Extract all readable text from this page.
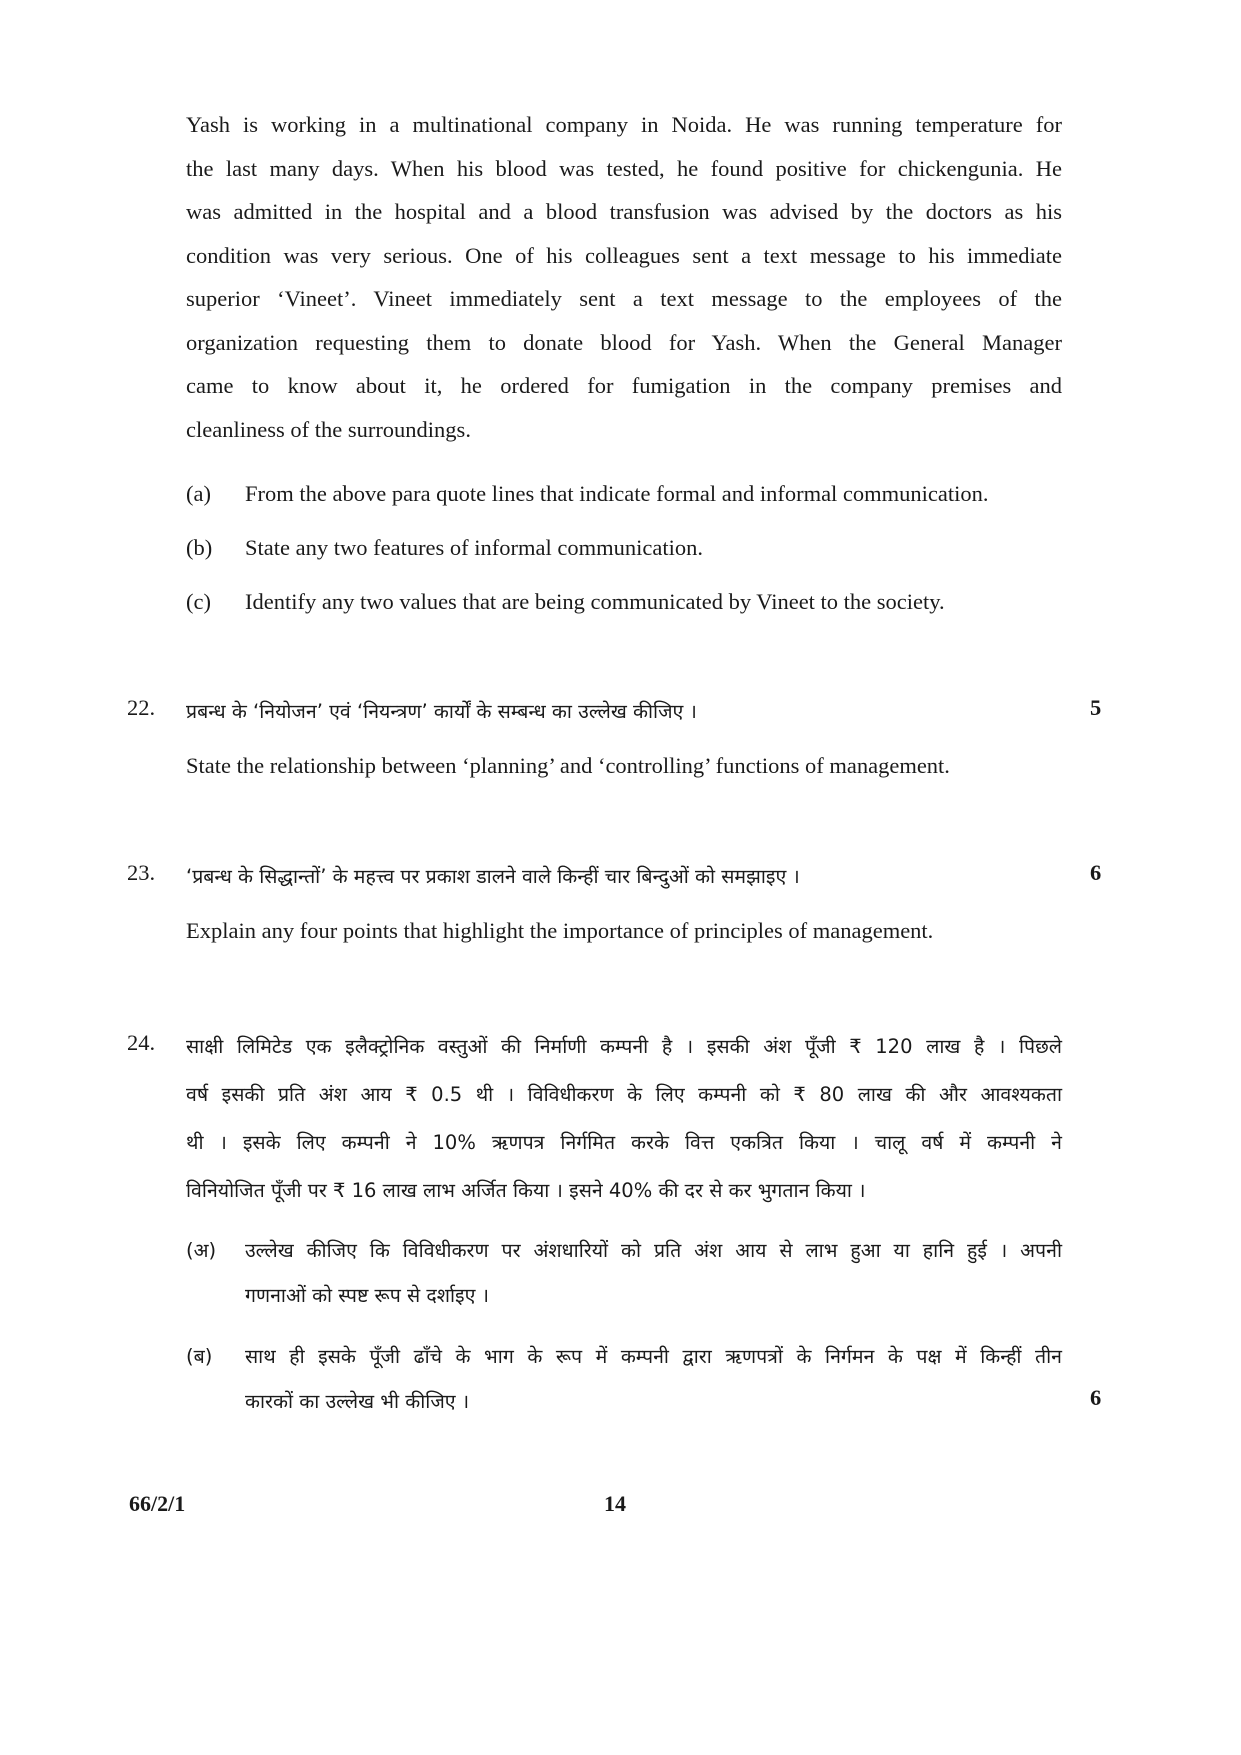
Yash is working in a multinational company in Noida. He was running temperature for
the last many days. When his blood was tested, he found positive for chickengunia. He
was admitted in the hospital and a blood transfusion was advised by the doctors as his
condition was very serious. One of his colleagues sent a text message to his immediate
superior ‘Vineet’. Vineet immediately sent a text message to the employees of the
organization requesting them to donate blood for Yash. When the General Manager
came to know about it, he ordered for fumigation in the company premises and
cleanliness of the surroundings.
(a) From the above para quote lines that indicate formal and informal communication.
(b) State any two features of informal communication.
(c) Identify any two values that are being communicated by Vineet to the society.
22. प्रबन्ध के ‘नियोजन’ एवं ‘नियन्त्रण’ कार्यों के सम्बन्ध का उल्लेख कीजिए ।	5
State the relationship between ‘planning’ and ‘controlling’ functions of management.
23. ‘प्रबन्ध के सिद्धान्तों’ के महत्त्व पर प्रकाश डालने वाले किन्हीं चार बिन्दुओं को समझाइए ।	6
Explain any four points that highlight the importance of principles of management.
24. साक्षी लिमिटेड एक इलैक्ट्रोनिक वस्तुओं की निर्माणी कम्पनी है । इसकी अंश पूँजी ₹ 120 लाख है । पिछले
वर्ष इसकी प्रति अंश आय ₹ 0.5 थी । विविधीकरण के लिए कम्पनी को ₹ 80 लाख की और आवश्यकता
थी । इसके लिए कम्पनी ने 10% ऋणपत्र निर्गमित करके वित्त एकत्रित किया । चालू वर्ष में कम्पनी ने
विनियोजित पूँजी पर ₹ 16 लाख लाभ अर्जित किया । इसने 40% की दर से कर भुगतान किया ।
(अ) उल्लेख कीजिए कि विविधीकरण पर अंशधारियों को प्रति अंश आय से लाभ हुआ या हानि हुई । अपनी
गणनाओं को स्पष्ट रूप से दर्शाइए ।
(ब) साथ ही इसके पूँजी ढाँचे के भाग के रूप में कम्पनी द्वारा ऋणपत्रों के निर्गमन के पक्ष में किन्हीं तीन
कारकों का उल्लेख भी कीजिए ।	6
66/2/1	14
